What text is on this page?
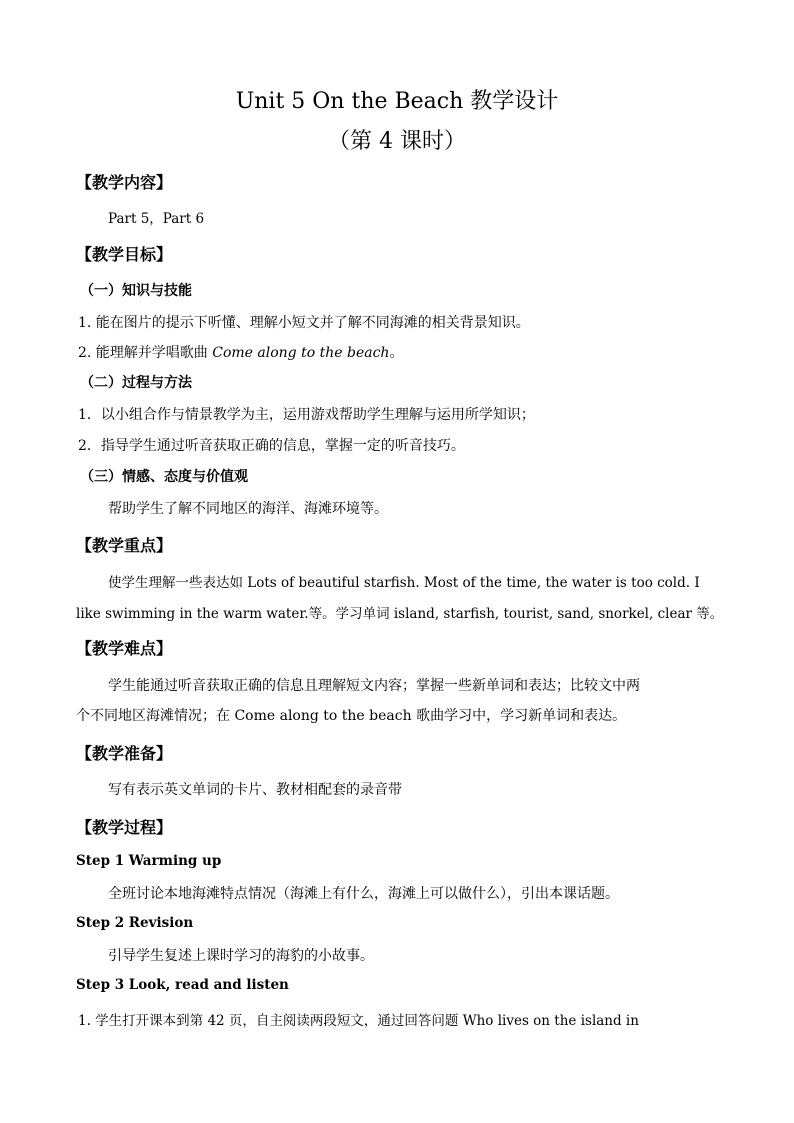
Unit 5 On the Beach 教学设计
（第 4 课时）
【教学内容】
Part 5，Part 6
【教学目标】
（一）知识与技能
1. 能在图片的提示下听懂、理解小短文并了解不同海滩的相关背景知识。
2. 能理解并学唱歌曲 Come along to the beach。
（二）过程与方法
1．以小组合作与情景教学为主，运用游戏帮助学生理解与运用所学知识；
2．指导学生通过听音获取正确的信息，掌握一定的听音技巧。
（三）情感、态度与价值观
帮助学生了解不同地区的海洋、海滩环境等。
【教学重点】
使学生理解一些表达如 Lots of beautiful starfish. Most of the time, the water is too cold. I
like swimming in the warm water.等。学习单词 island, starfish, tourist, sand, snorkel, clear 等。
【教学难点】
学生能通过听音获取正确的信息且理解短文内容；掌握一些新单词和表达；比较文中两
个不同地区海滩情况；在 Come along to the beach 歌曲学习中，学习新单词和表达。
【教学准备】
写有表示英文单词的卡片、教材相配套的录音带
【教学过程】
Step 1 Warming up
全班讨论本地海滩特点情况（海滩上有什么，海滩上可以做什么），引出本课话题。
Step 2 Revision
引导学生复述上课时学习的海豹的小故事。
Step 3 Look, read and listen
1. 学生打开课本到第 42 页，自主阅读两段短文，通过回答问题 Who lives on the island in
